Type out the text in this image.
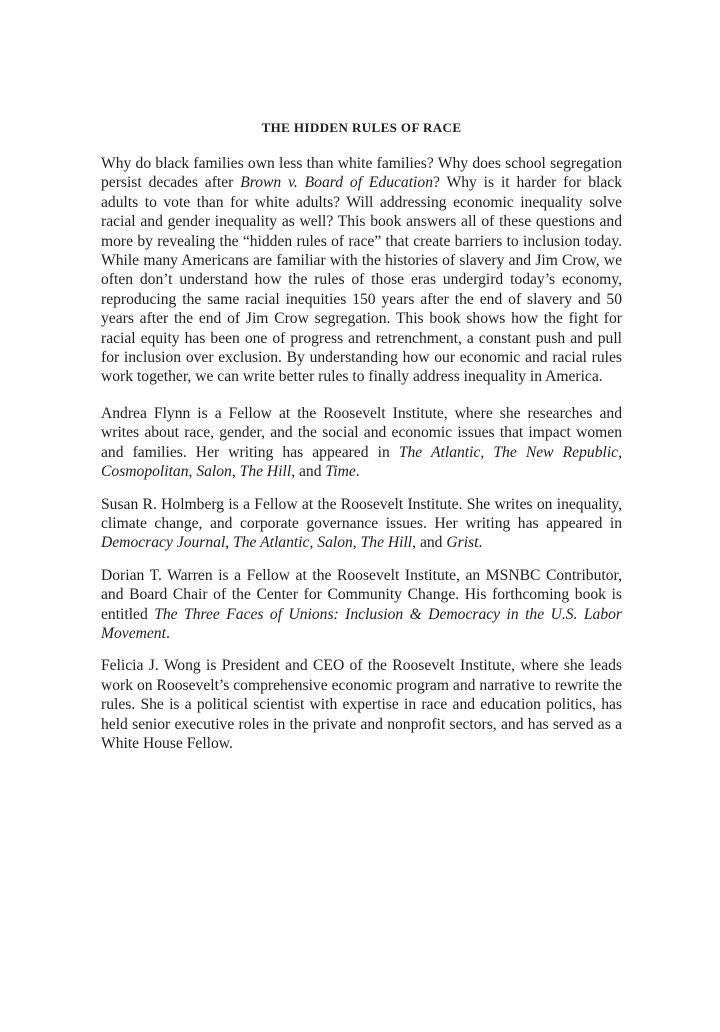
THE HIDDEN RULES OF RACE

Why do black families own less than white families? Why does school segregation persist decades after Brown v. Board of Education? Why is it harder for black adults to vote than for white adults? Will addressing economic inequality solve racial and gender inequality as well? This book answers all of these questions and more by revealing the “hidden rules of race” that create barriers to inclusion today. While many Americans are familiar with the histories of slavery and Jim Crow, we often don’t understand how the rules of those eras undergird today’s economy, reproducing the same racial inequities 150 years after the end of slavery and 50 years after the end of Jim Crow segregation. This book shows how the fight for racial equity has been one of progress and retrenchment, a constant push and pull for inclusion over exclusion. By understanding how our economic and racial rules work together, we can write better rules to finally address inequality in America.

Andrea Flynn is a Fellow at the Roosevelt Institute, where she researches and writes about race, gender, and the social and economic issues that impact women and families. Her writing has appeared in The Atlantic, The New Republic, Cosmopolitan, Salon, The Hill, and Time.

Susan R. Holmberg is a Fellow at the Roosevelt Institute. She writes on inequality, climate change, and corporate governance issues. Her writing has appeared in Democracy Journal, The Atlantic, Salon, The Hill, and Grist.

Dorian T. Warren is a Fellow at the Roosevelt Institute, an MSNBC Contributor, and Board Chair of the Center for Community Change. His forthcoming book is entitled The Three Faces of Unions: Inclusion & Democracy in the U.S. Labor Movement.

Felicia J. Wong is President and CEO of the Roosevelt Institute, where she leads work on Roosevelt’s comprehensive economic program and narrative to rewrite the rules. She is a political scientist with expertise in race and education politics, has held senior executive roles in the private and nonprofit sectors, and has served as a White House Fellow.
